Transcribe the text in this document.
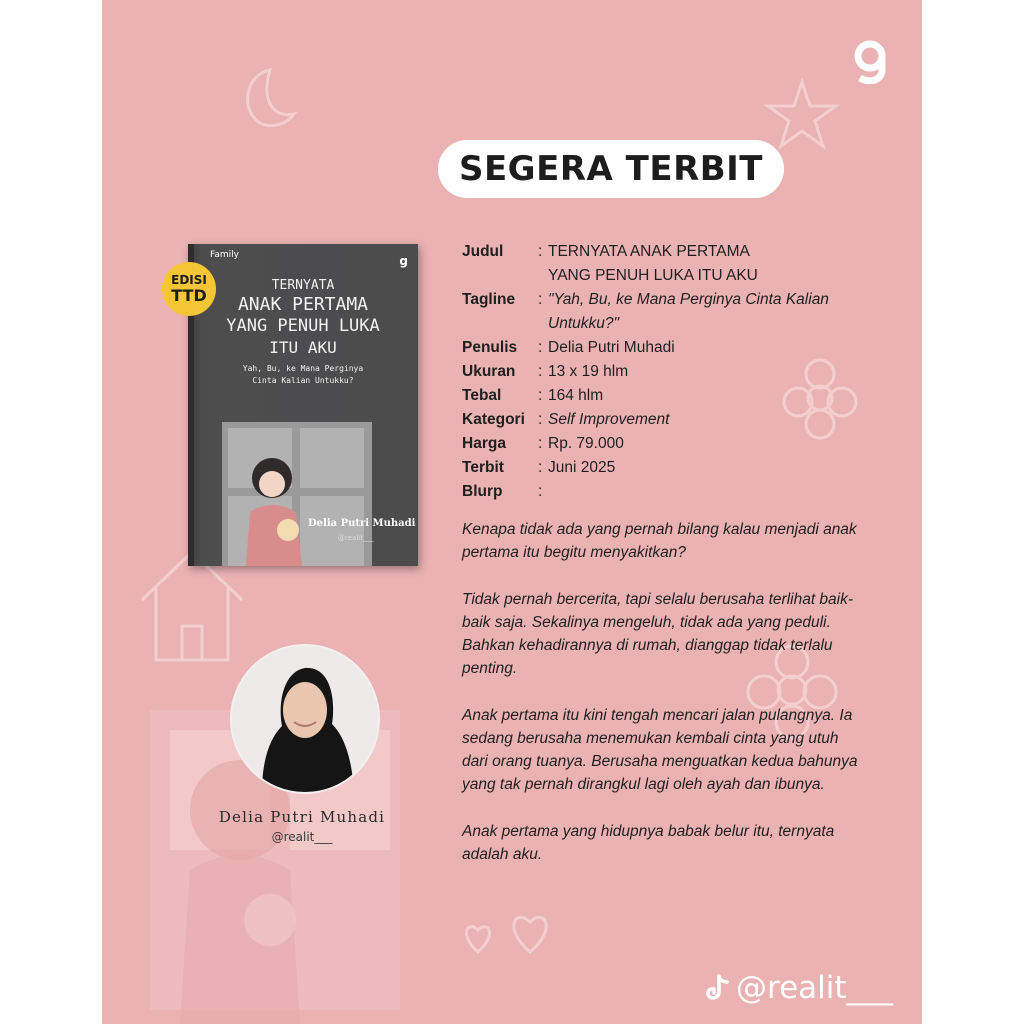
SEGERA TERBIT
Family	g
TERNYATA
ANAK PERTAMA
YANG PENUH LUKA
ITU AKU
Yah, Bu, ke Mana Perginya
Cinta Kalian Untukku?
Delia Putri Muhadi
@realit___
EDISI
TTD
Delia Putri Muhadi
@realit___
Judul	: TERNYATA ANAK PERTAMA
YANG PENUH LUKA ITU AKU
Tagline	: "Yah, Bu, ke Mana Perginya Cinta Kalian
Untukku?"
Penulis	: Delia Putri Muhadi
Ukuran	: 13 x 19 hlm
Tebal	: 164 hlm
Kategori : Self Improvement
Harga	: Rp. 79.000
Terbit	: Juni 2025
Blurp	:

Kenapa tidak ada yang pernah bilang kalau menjadi anak pertama itu begitu menyakitkan?

Tidak pernah bercerita, tapi selalu berusaha terlihat baik-baik saja. Sekalinya mengeluh, tidak ada yang peduli. Bahkan kehadirannya di rumah, dianggap tidak terlalu penting.

Anak pertama itu kini tengah mencari jalan pulangnya. Ia sedang berusaha menemukan kembali cinta yang utuh dari orang tuanya. Berusaha menguatkan kedua bahunya yang tak pernah dirangkul lagi oleh ayah dan ibunya.

Anak pertama yang hidupnya babak belur itu, ternyata adalah aku.

@realit___
